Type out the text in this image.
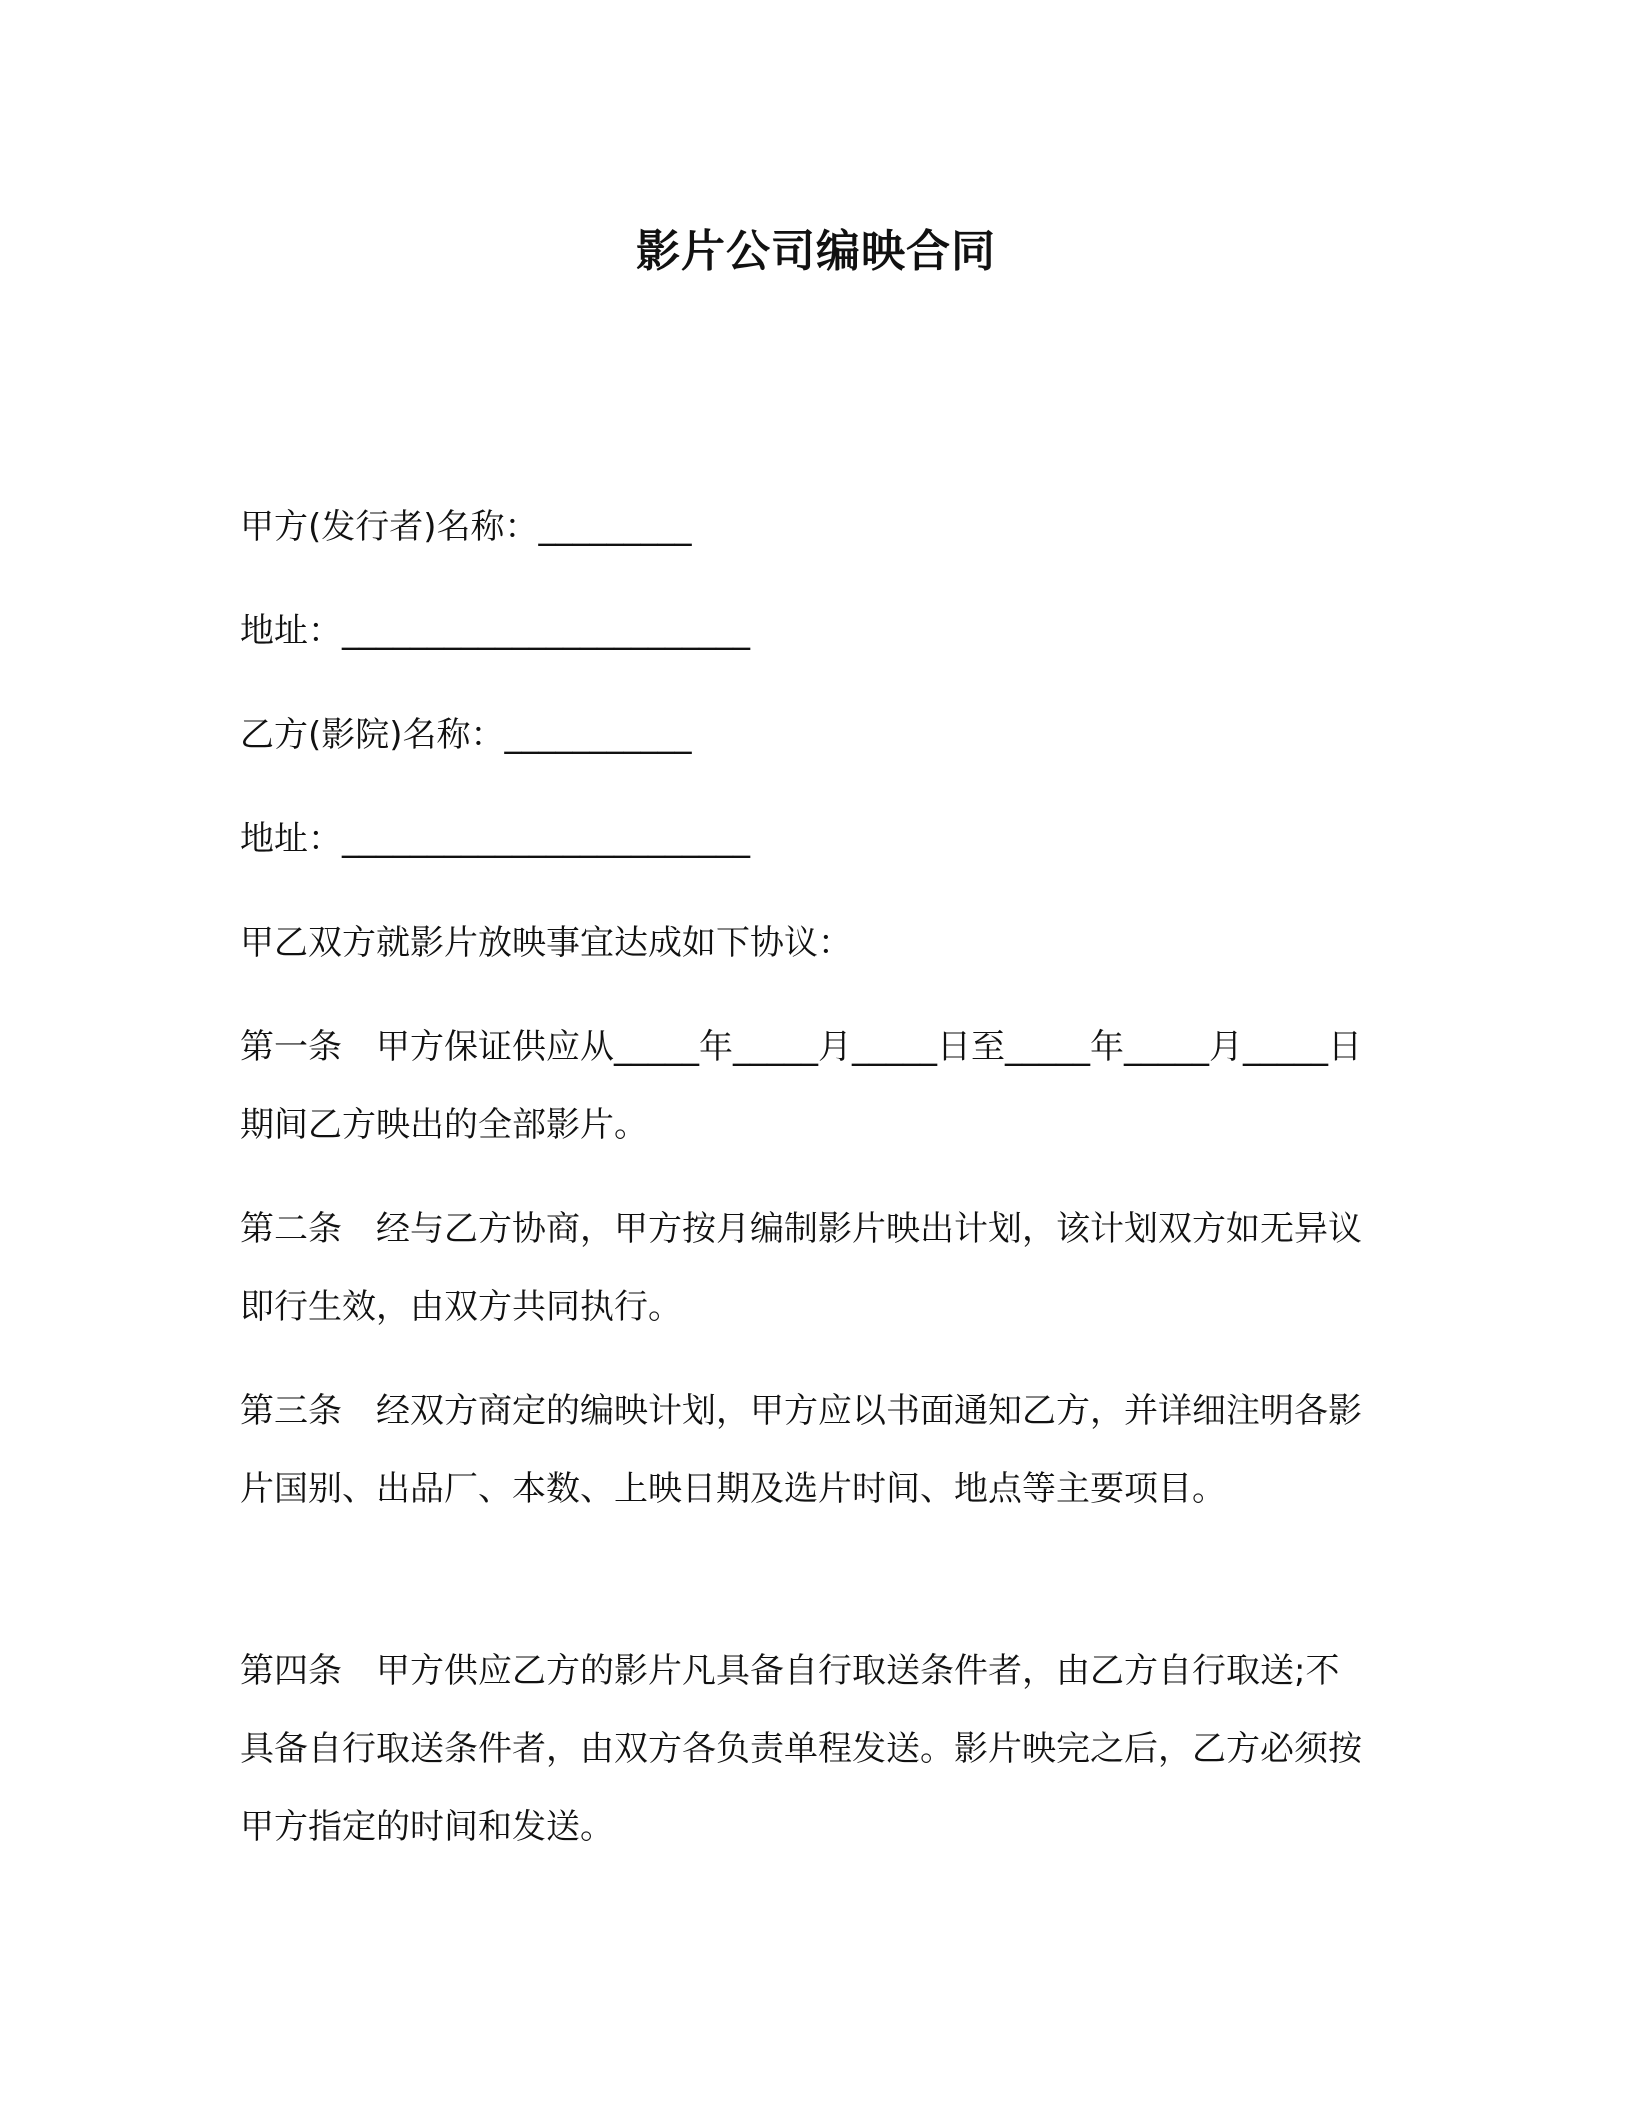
影片公司编映合同

甲方(发行者)名称：_________

地址：________________________

乙方(影院)名称：___________

地址：________________________

甲乙双方就影片放映事宜达成如下协议：

第一条　甲方保证供应从_____年_____月_____日至_____年_____月_____日期间乙方映出的全部影片。

第二条　经与乙方协商，甲方按月编制影片映出计划，该计划双方如无异议即行生效，由双方共同执行。

第三条　经双方商定的编映计划，甲方应以书面通知乙方，并详细注明各影片国别、出品厂、本数、上映日期及选片时间、地点等主要项目。

第四条　甲方供应乙方的影片凡具备自行取送条件者，由乙方自行取送;不具备自行取送条件者，由双方各负责单程发送。影片映完之后，乙方必须按甲方指定的时间和发送。
